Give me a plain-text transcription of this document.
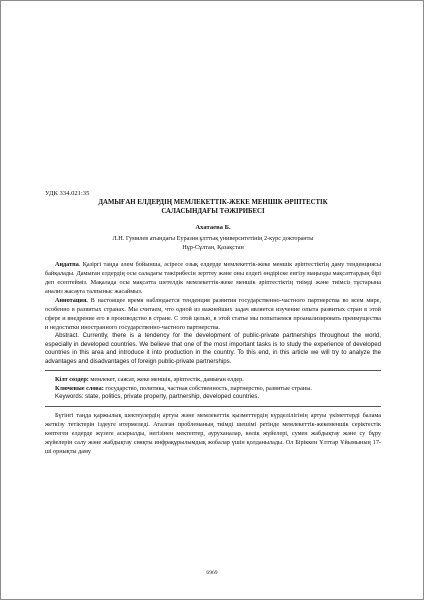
УДК 334.021:35

ДАМЫҒАН ЕЛДЕРДІҢ МЕМЛЕКЕТТІК-ЖЕКЕ МЕНШІК ӘРІПТЕСТІК

САЛАСЫНДАҒЫ ТӘЖІРИБЕСІ

Ахатаева Б.

Л.Н. Гумилев атындағы Еуразия ұлттық университетінің 2-курс докторанты

Нұр-Сұлтан, Қазақстан

Аңдатпа. Қазіргі таңда әлем бойынша, әсіресе озық елдерде мемлекеттік-жеке меншік әріптестіктің даму тенденциясы байқалады. Дамыған елдердің осы саладағы тәжірибесін зерттеу және оны елдегі өндіріске енгізу маңызды мақсаттардың бірі деп есептейміз. Мақалада осы мақсатта шетелдік мемлекеттік-жеке меншік әріптестіктің тиімді және тиімсіз тұстарына анализ жасауға талпыныс жасаймыз.

Аннотация. В настоящее время наблюдается тенденция развития государственно-частного партнерства во всем мире, особенно в развитых странах. Мы считаем, что одной из важнейших задач является изучение опыта развитых стран в этой сфере и внедрение его в производство в стране. С этой целью, в этой статье мы попытаемся проанализировать преимущества и недостатки иностранного государственно-частного партнерства.

Abstract. Currently, there is a tendency for the development of public-private partnerships throughout the world, especially in developed countries. We believe that one of the most important tasks is to study the experience of developed countries in this area and introduce it into production in the country. To this end, in this article we will try to analyze the advantages and disadvantages of foreign public-private partnerships.

Кілт сөздер: мемлекет, саясат, жеке меншік, әріптестік, дамыған елдер.

Ключевые слова: государство, политика, частная собственность, партнерство, развитые страны.

Keywords: state, politics, private property, partnership, developed countries.

Бүгінгі таңда қаржылық шектеулердің артуы және мемлекеттік қызметтердің күрделілігінің артуы үкіметтерді балама жеткізу тетіктерін іздеуге итермеледі. Аталған проблеманың тиімді шешімі ретінде мемлекеттік-жекеменшік серіктестік көптеген елдерде жүзеге асырылды, негізінен мектептер, ауруханалар, көлік жүйелері, сумен жабдықтау және су бұру жүйелерін салу және жабдықтау сияқты инфрақұрылымдық жобалар үшін қолданылады. Ол Біріккен Ұлттар Ұйымының 17-ші орнықты даму

6969
